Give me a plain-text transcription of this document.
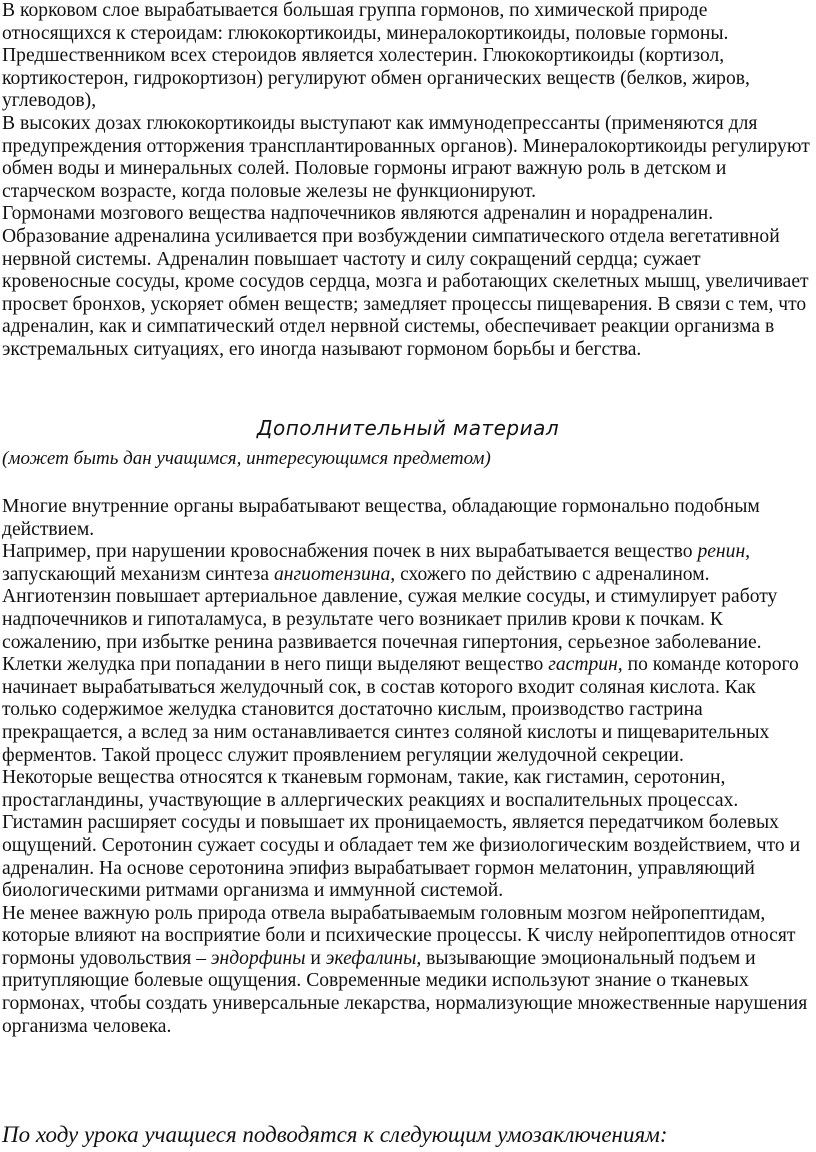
В корковом слое вырабатывается большая группа гормонов, по химической природе относящихся к стероидам: глюкокортикоиды, минералокортикоиды, половые гормоны. Предшественником всех стероидов является холестерин. Глюкокортикоиды (кортизол, кортикостерон, гидрокортизон) регулируют обмен органических веществ (белков, жиров, углеводов),

В высоких дозах глюкокортикоиды выступают как иммунодепрессанты (применяются для предупреждения отторжения трансплантированных органов). Минералокортикоиды регулируют обмен воды и минеральных солей. Половые гормоны играют важную роль в детском и старческом возрасте, когда половые железы не функционируют.

Гормонами мозгового вещества надпочечников являются адреналин и норадреналин. Образование адреналина усиливается при возбуждении симпатического отдела вегетативной нервной системы. Адреналин повышает частоту и силу сокращений сердца; сужает кровеносные сосуды, кроме сосудов сердца, мозга и работающих скелетных мышц, увеличивает просвет бронхов, ускоряет обмен веществ; замедляет процессы пищеварения. В связи с тем, что адреналин, как и симпатический отдел нервной системы, обеспечивает реакции организма в экстремальных ситуациях, его иногда называют гормоном борьбы и бегства.

Дополнительный материал
(может быть дан учащимся, интересующимся предметом)

Многие внутренние органы вырабатывают вещества, обладающие гормонально подобным действием.

Например, при нарушении кровоснабжения почек в них вырабатывается вещество ренин, запускающий механизм синтеза ангиотензина, схожего по действию с адреналином. Ангиотензин повышает артериальное давление, сужая мелкие сосуды, и стимулирует работу надпочечников и гипоталамуса, в результате чего возникает прилив крови к почкам. К сожалению, при избытке ренина развивается почечная гипертония, серьезное заболевание.

Клетки желудка при попадании в него пищи выделяют вещество гастрин, по команде которого начинает вырабатываться желудочный сок, в состав которого входит соляная кислота. Как только содержимое желудка становится достаточно кислым, производство гастрина прекращается, а вслед за ним останавливается синтез соляной кислоты и пищеварительных ферментов. Такой процесс служит проявлением регуляции желудочной секреции.

Некоторые вещества относятся к тканевым гормонам, такие, как гистамин, серотонин, простагландины, участвующие в аллергических реакциях и воспалительных процессах. Гистамин расширяет сосуды и повышает их проницаемость, является передатчиком болевых ощущений. Серотонин сужает сосуды и обладает тем же физиологическим воздействием, что и адреналин. На основе серотонина эпифиз вырабатывает гормон мелатонин, управляющий биологическими ритмами организма и иммунной системой.

Не менее важную роль природа отвела вырабатываемым головным мозгом нейропептидам, которые влияют на восприятие боли и психические процессы. К числу нейропептидов относят гормоны удовольствия – эндорфины и экефалины, вызывающие эмоциональный подъем и притупляющие болевые ощущения. Современные медики используют знание о тканевых гормонах, чтобы создать универсальные лекарства, нормализующие множественные нарушения организма человека.

По ходу урока учащиеся подводятся к следующим умозаключениям:
